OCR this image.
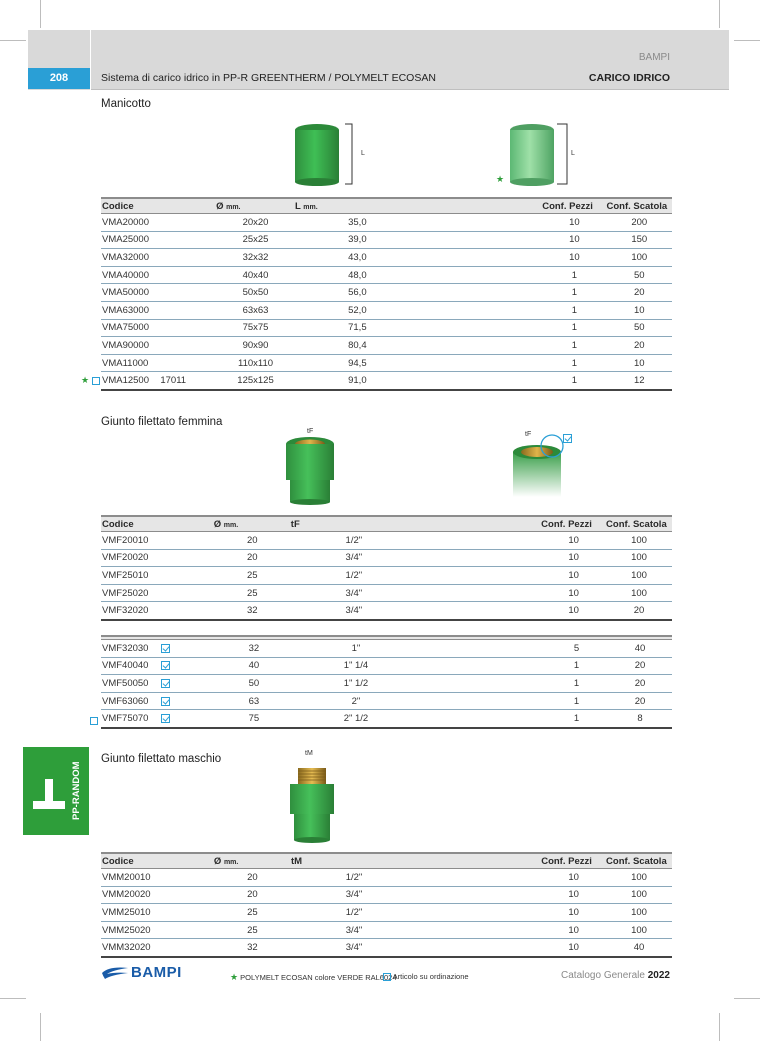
BAMPI
208	Sistema di carico idrico in PP-R GREENTHERM / POLYMELT ECOSAN	CARICO IDRICO
Manicotto
L	L
★
Codice		Ø mm.	L mm.		Conf. Pezzi	Conf. Scatola
VMA20000		20x20	35,0		10	200
VMA25000		25x25	39,0		10	150
VMA32000		32x32	43,0		10	100
VMA40000		40x40	48,0		1	50
VMA50000		50x50	56,0		1	20
VMA63000		63x63	52,0		1	10
VMA75000		75x75	71,5		1	50
VMA90000		90x90	80,4		1	20
VMA11000		110x110	94,5		1	10
VMA12500	17011	125x125	91,0		1	12
★
Giunto filettato femmina
tF	tF
Codice		Ø mm.	tF		Conf. Pezzi	Conf. Scatola
VMF20010		20	1/2"		10	100
VMF20020		20	3/4"		10	100
VMF25010		25	1/2"		10	100
VMF25020		25	3/4"		10	100
VMF32020		32	3/4"		10	20

VMF32030		32	1"		5	40
VMF40040		40	1" 1/4		1	20
VMF50050		50	1" 1/2		1	20
VMF63060		63	2"		1	20
VMF75070		75	2" 1/2		1	8
PP-RANDOM
Giunto filettato maschio	tM
Codice		Ø mm.	tM		Conf. Pezzi	Conf. Scatola
VMM20010		20	1/2"		10	100
VMM20020		20	3/4"		10	100
VMM25010		25	1/2"		10	100
VMM25020		25	3/4"		10	100
VMM32020		32	3/4"		10	40
BAMPI	★ POLYMELT ECOSAN colore VERDE RAL6024
Articolo su ordinazione	Catalogo Generale 2022
